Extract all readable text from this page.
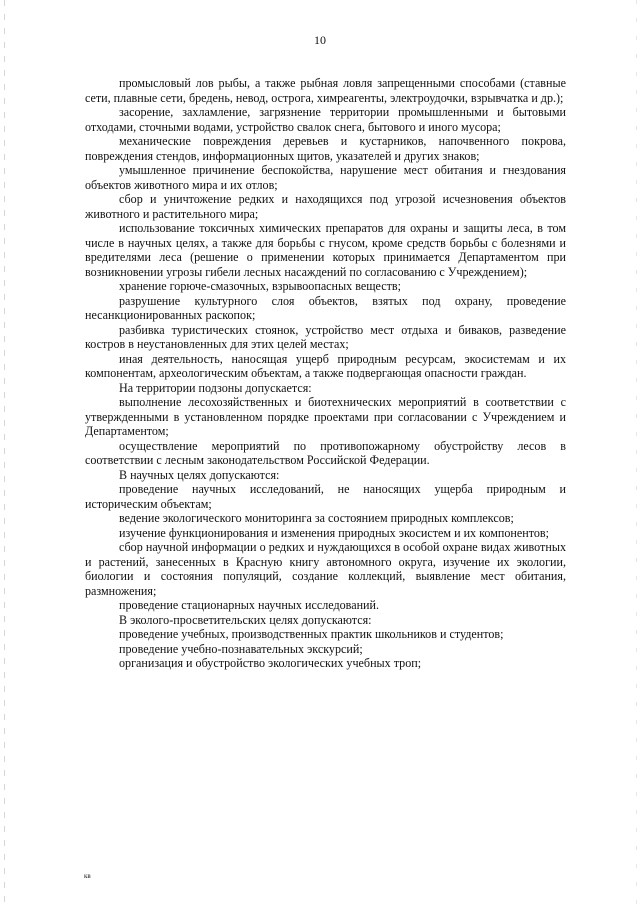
10

промысловый лов рыбы, а также рыбная ловля запрещенными способами (ставные сети, плавные сети, бредень, невод, острога, химреагенты, электроудочки, взрывчатка и др.);

засорение, захламление, загрязнение территории промышленными и бытовыми отходами, сточными водами, устройство свалок снега, бытового и иного мусора;

механические повреждения деревьев и кустарников, напочвенного покрова, повреждения стендов, информационных щитов, указателей и других знаков;

умышленное причинение беспокойства, нарушение мест обитания и гнездования объектов животного мира и их отлов;

сбор и уничтожение редких и находящихся под угрозой исчезновения объектов животного и растительного мира;

использование токсичных химических препаратов для охраны и защиты леса, в том числе в научных целях, а также для борьбы с гнусом, кроме средств борьбы с болезнями и вредителями леса (решение о применении которых принимается Департаментом при возникновении угрозы гибели лесных насаждений по согласованию с Учреждением);

хранение горюче-смазочных, взрывоопасных веществ;

разрушение культурного слоя объектов, взятых под охрану, проведение несанкционированных раскопок;

разбивка туристических стоянок, устройство мест отдыха и биваков, разведение костров в неустановленных для этих целей местах;

иная деятельность, наносящая ущерб природным ресурсам, экосистемам и их компонентам, археологическим объектам, а также подвергающая опасности граждан.

На территории подзоны допускается:

выполнение лесохозяйственных и биотехнических мероприятий в соответствии с утвержденными в установленном порядке проектами при согласовании с Учреждением и Департаментом;

осуществление мероприятий по противопожарному обустройству лесов в соответствии с лесным законодательством Российской Федерации.

В научных целях допускаются:

проведение научных исследований, не наносящих ущерба природным и историческим объектам;

ведение экологического мониторинга за состоянием природных комплексов;

изучение функционирования и изменения природных экосистем и их компонентов;

сбор научной информации о редких и нуждающихся в особой охране видах животных и растений, занесенных в Красную книгу автономного округа, изучение их экологии, биологии и состояния популяций, создание коллекций, выявление мест обитания, размножения;

проведение стационарных научных исследований.

В эколого-просветительских целях допускаются:

проведение учебных, производственных практик школьников и студентов;

проведение учебно-познавательных экскурсий;

организация и обустройство экологических учебных троп;

кв
